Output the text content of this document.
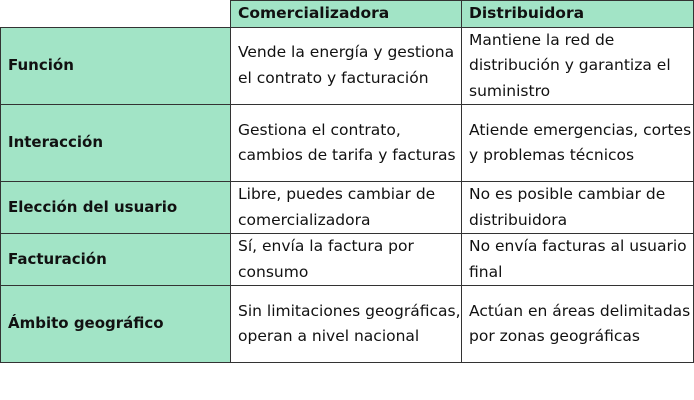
	Comercializadora	Distribuidora
Función	Vende la energía y gestiona el contrato y facturación	Mantiene la red de distribución y garantiza el suministro
Interacción	Gestiona el contrato, cambios de tarifa y facturas	Atiende emergencias, cortes y problemas técnicos
Elección del usuario	Libre, puedes cambiar de comercializadora	No es posible cambiar de distribuidora
Facturación	Sí, envía la factura por consumo	No envía facturas al usuario final
Ámbito geográfico	Sin limitaciones geográficas, operan a nivel nacional	Actúan en áreas delimitadas por zonas geográficas
